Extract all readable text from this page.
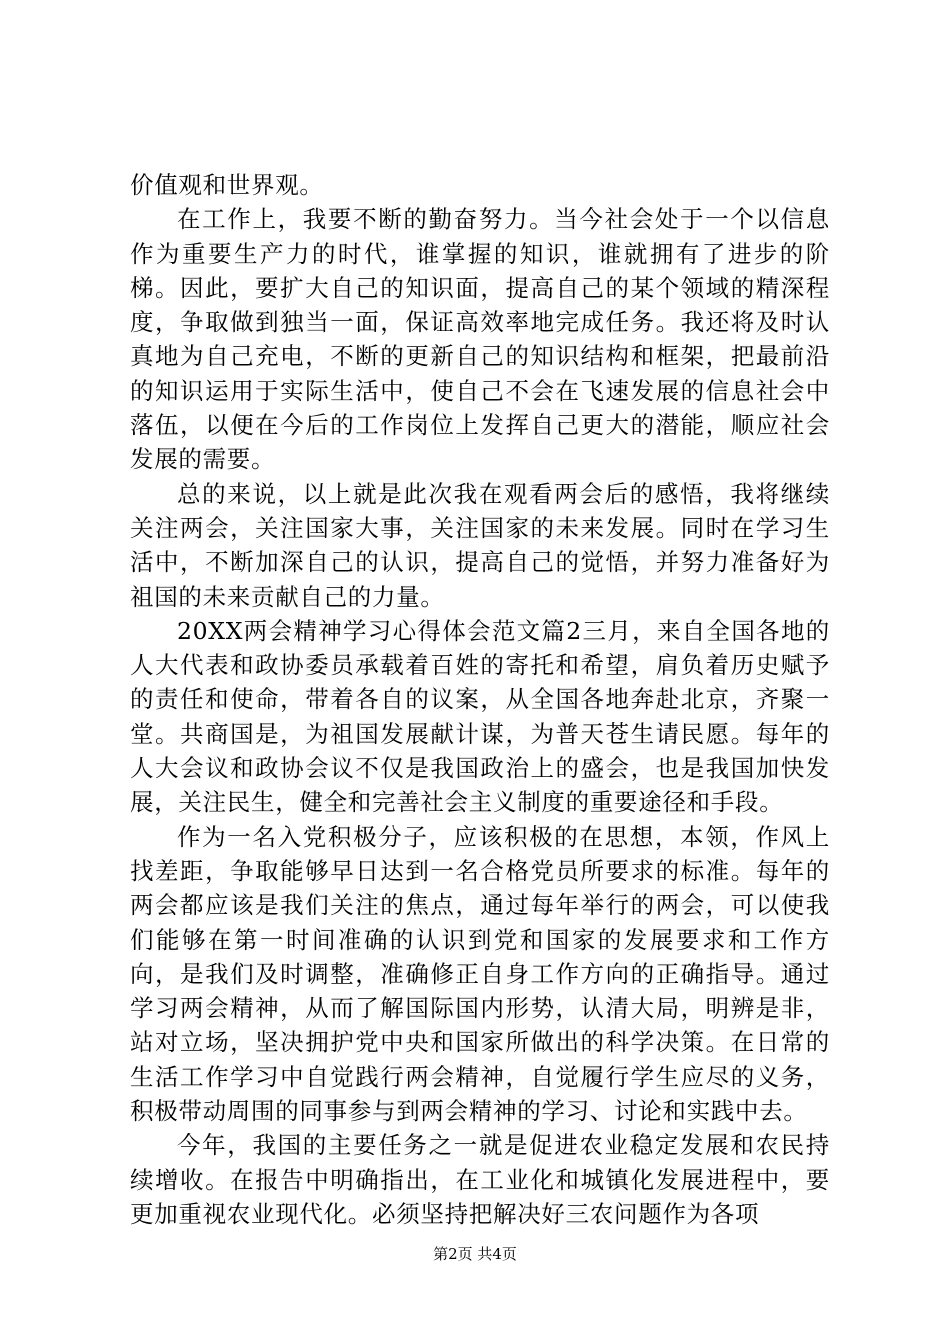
价值观和世界观。

在工作上，我要不断的勤奋努力。当今社会处于一个以信息作为重要生产力的时代，谁掌握的知识，谁就拥有了进步的阶梯。因此，要扩大自己的知识面，提高自己的某个领域的精深程度，争取做到独当一面，保证高效率地完成任务。我还将及时认真地为自己充电，不断的更新自己的知识结构和框架，把最前沿的知识运用于实际生活中，使自己不会在飞速发展的信息社会中落伍，以便在今后的工作岗位上发挥自己更大的潜能，顺应社会发展的需要。

总的来说，以上就是此次我在观看两会后的感悟，我将继续关注两会，关注国家大事，关注国家的未来发展。同时在学习生活中，不断加深自己的认识，提高自己的觉悟，并努力准备好为祖国的未来贡献自己的力量。

20XX两会精神学习心得体会范文篇2三月，来自全国各地的人大代表和政协委员承载着百姓的寄托和希望，肩负着历史赋予的责任和使命，带着各自的议案，从全国各地奔赴北京，齐聚一堂。共商国是，为祖国发展献计谋，为普天苍生请民愿。每年的人大会议和政协会议不仅是我国政治上的盛会，也是我国加快发展，关注民生，健全和完善社会主义制度的重要途径和手段。

作为一名入党积极分子，应该积极的在思想，本领，作风上找差距，争取能够早日达到一名合格党员所要求的标准。每年的两会都应该是我们关注的焦点，通过每年举行的两会，可以使我们能够在第一时间准确的认识到党和国家的发展要求和工作方向，是我们及时调整，准确修正自身工作方向的正确指导。通过学习两会精神，从而了解国际国内形势，认清大局，明辨是非，站对立场，坚决拥护党中央和国家所做出的科学决策。在日常的生活工作学习中自觉践行两会精神，自觉履行学生应尽的义务，积极带动周围的同事参与到两会精神的学习、讨论和实践中去。

今年，我国的主要任务之一就是促进农业稳定发展和农民持续增收。在报告中明确指出，在工业化和城镇化发展进程中，要更加重视农业现代化。必须坚持把解决好三农问题作为各项

第2页 共4页
